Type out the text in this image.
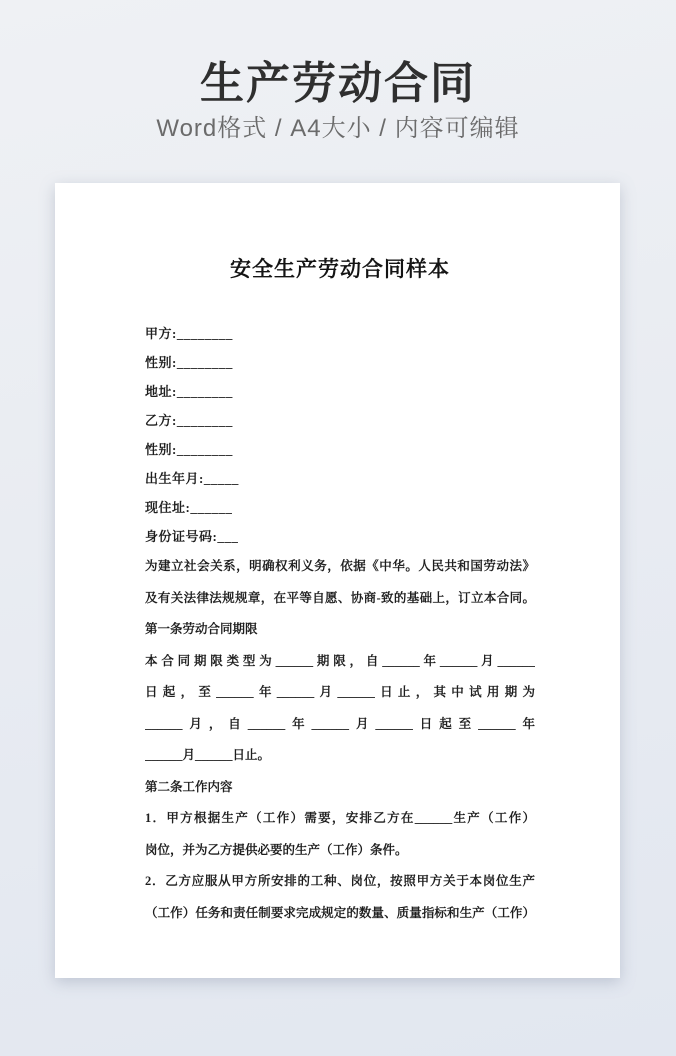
生产劳动合同

Word格式 / A4大小 / 内容可编辑

安全生产劳动合同样本
甲方:________
性别:________
地址:________
乙方:________
性别:________
出生年月:_____
现住址:______
身份证号码:___
为建立社会关系，明确权利义务，依据《中华。人民共和国劳动法》
及有关法律法规规章，在平等自愿、协商-致的基础上，订立本合同。
第一条劳动合同期限
本合同期限类型为______期限，自______年______月______
日起，至______年______月______日止，其中试用期为
______月，自______年______月______日起至______年
______月______日止。
第二条工作内容
1．甲方根据生产（工作）需要，安排乙方在______生产（工作）
岗位，并为乙方提供必要的生产（工作）条件。
2．乙方应服从甲方所安排的工种、岗位，按照甲方关于本岗位生产
（工作）任务和责任制要求完成规定的数量、质量指标和生产（工作）
